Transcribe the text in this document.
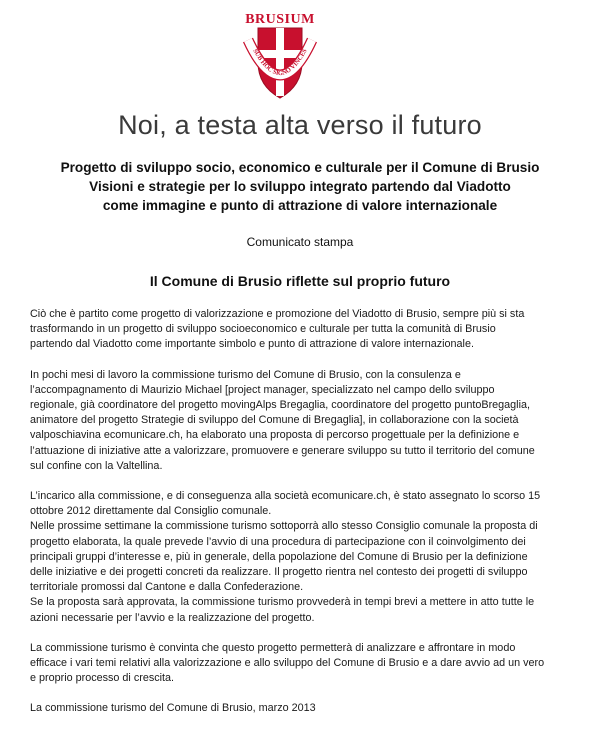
BRUSIUM
SUB HOC SIGNO VINCES
Noi, a testa alta verso il futuro
Progetto di sviluppo socio, economico e culturale per il Comune di Brusio
Visioni e strategie per lo sviluppo integrato partendo dal Viadotto
come immagine e punto di attrazione di valore internazionale
Comunicato stampa
Il Comune di Brusio riflette sul proprio futuro

Ciò che è partito come progetto di valorizzazione e promozione del Viadotto di Brusio, sempre più si sta
trasformando in un progetto di sviluppo socioeconomico e culturale per tutta la comunità di Brusio
partendo dal Viadotto come importante simbolo e punto di attrazione di valore internazionale.

In pochi mesi di lavoro la commissione turismo del Comune di Brusio, con la consulenza e
l’accompagnamento di Maurizio Michael [project manager, specializzato nel campo dello sviluppo
regionale, già coordinatore del progetto movingAlps Bregaglia, coordinatore del progetto puntoBregaglia,
animatore del progetto Strategie di sviluppo del Comune di Bregaglia], in collaborazione con la società
valposchiavina ecomunicare.ch, ha elaborato una proposta di percorso progettuale per la definizione e
l’attuazione di iniziative atte a valorizzare, promuovere e generare sviluppo su tutto il territorio del comune
sul confine con la Valtellina.

L’incarico alla commissione, e di conseguenza alla società ecomunicare.ch, è stato assegnato lo scorso 15
ottobre 2012 direttamente dal Consiglio comunale.
Nelle prossime settimane la commissione turismo sottoporrà allo stesso Consiglio comunale la proposta di
progetto elaborata, la quale prevede l’avvio di una procedura di partecipazione con il coinvolgimento dei
principali gruppi d’interesse e, più in generale, della popolazione del Comune di Brusio per la definizione
delle iniziative e dei progetti concreti da realizzare. Il progetto rientra nel contesto dei progetti di sviluppo
territoriale promossi dal Cantone e dalla Confederazione.
Se la proposta sarà approvata, la commissione turismo provvederà in tempi brevi a mettere in atto tutte le
azioni necessarie per l’avvio e la realizzazione del progetto.

La commissione turismo è convinta che questo progetto permetterà di analizzare e affrontare in modo
efficace i vari temi relativi alla valorizzazione e allo sviluppo del Comune di Brusio e a dare avvio ad un vero
e proprio processo di crescita.

La commissione turismo del Comune di Brusio, marzo 2013
